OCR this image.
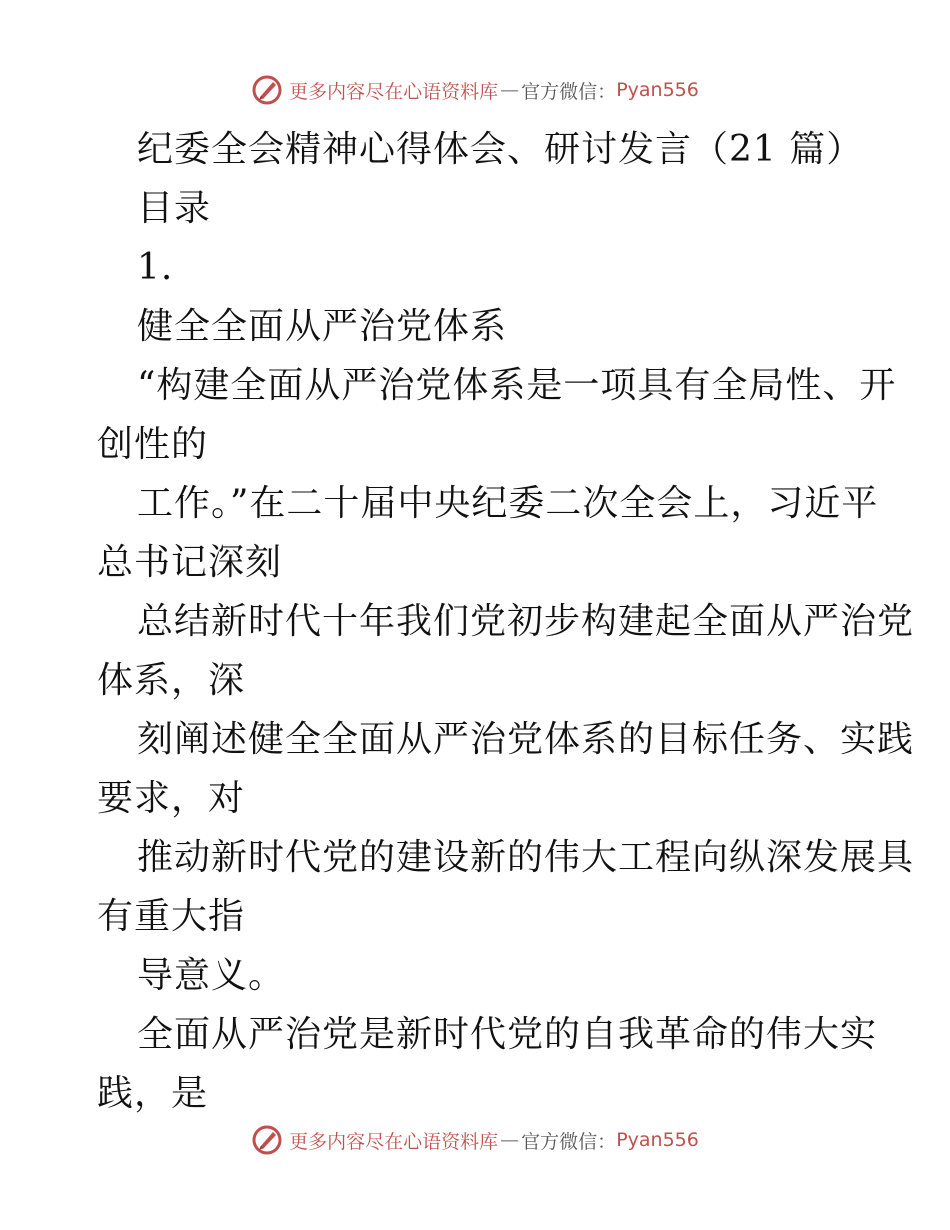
更多内容尽在心语资料库 — 官方微信： Pyan556
纪委全会精神心得体会、研讨发言（21 篇）
目录
1.
健全全面从严治党体系
“构建全面从严治党体系是一项具有全局性、开
创性的
工作。”在二十届中央纪委二次全会上，习近平
总书记深刻
总结新时代十年我们党初步构建起全面从严治党
体系，深
刻阐述健全全面从严治党体系的目标任务、实践
要求，对
推动新时代党的建设新的伟大工程向纵深发展具
有重大指
导意义。
全面从严治党是新时代党的自我革命的伟大实
践，是
更多内容尽在心语资料库 — 官方微信： Pyan556
